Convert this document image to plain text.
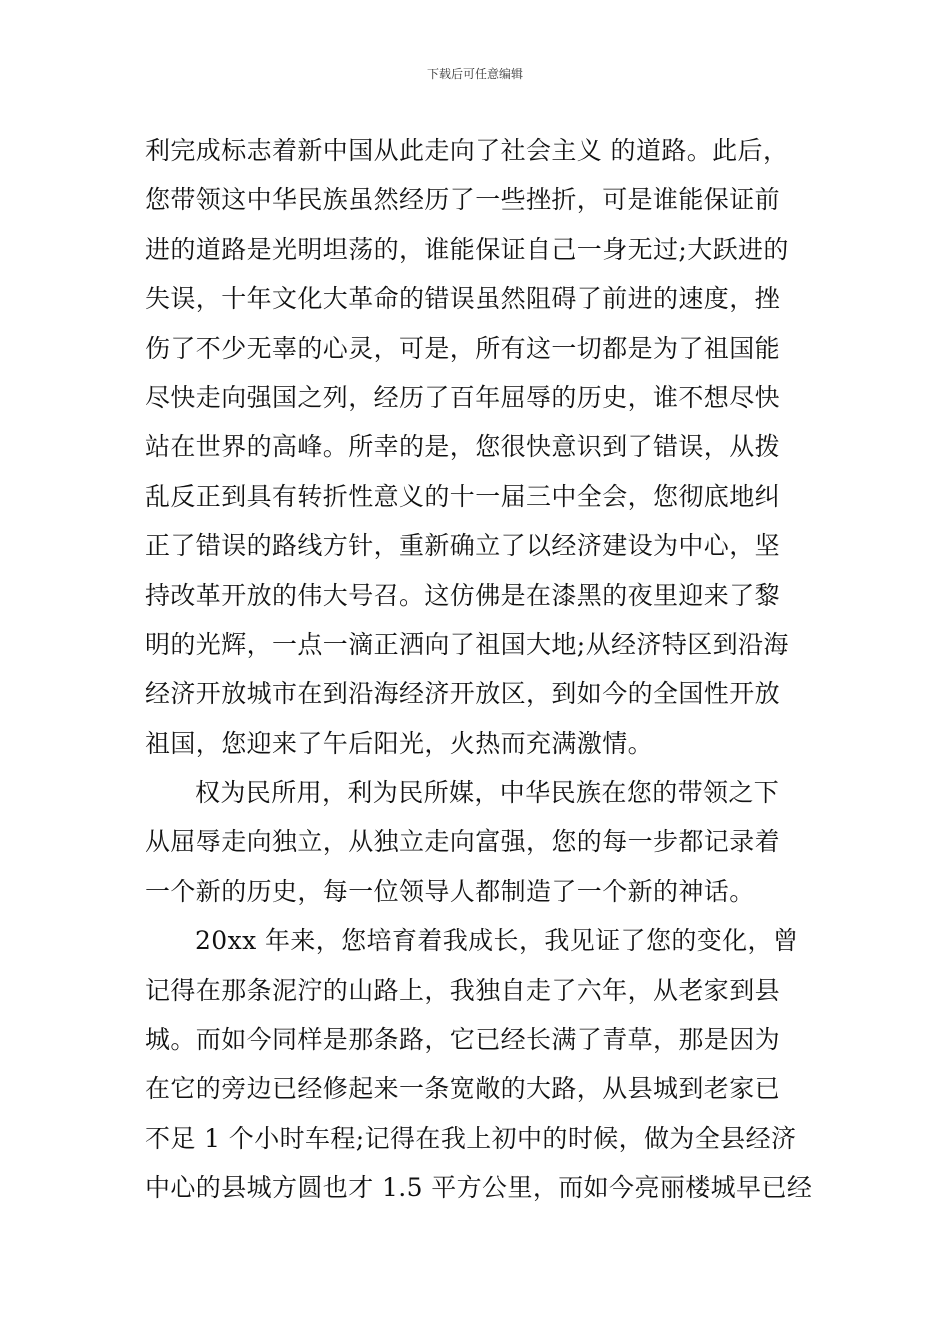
下载后可任意编辑
利完成标志着新中国从此走向了社会主义 的道路。此后，
您带领这中华民族虽然经历了一些挫折，可是谁能保证前
进的道路是光明坦荡的，谁能保证自己一身无过;大跃进的
失误，十年文化大革命的错误虽然阻碍了前进的速度，挫
伤了不少无辜的心灵，可是，所有这一切都是为了祖国能
尽快走向强国之列，经历了百年屈辱的历史，谁不想尽快
站在世界的高峰。所幸的是，您很快意识到了错误，从拨
乱反正到具有转折性意义的十一届三中全会，您彻底地纠
正了错误的路线方针，重新确立了以经济建设为中心，坚
持改革开放的伟大号召。这仿佛是在漆黑的夜里迎来了黎
明的光辉，一点一滴正洒向了祖国大地;从经济特区到沿海
经济开放城市在到沿海经济开放区，到如今的全国性开放
祖国，您迎来了午后阳光，火热而充满激情。
权为民所用，利为民所媒，中华民族在您的带领之下
从屈辱走向独立，从独立走向富强，您的每一步都记录着
一个新的历史，每一位领导人都制造了一个新的神话。
20xx 年来，您培育着我成长，我见证了您的变化，曾
记得在那条泥泞的山路上，我独自走了六年，从老家到县
城。而如今同样是那条路，它已经长满了青草，那是因为
在它的旁边已经修起来一条宽敞的大路，从县城到老家已
不足 1 个小时车程;记得在我上初中的时候，做为全县经济
中心的县城方圆也才 1.5 平方公里，而如今亮丽楼城早已经
